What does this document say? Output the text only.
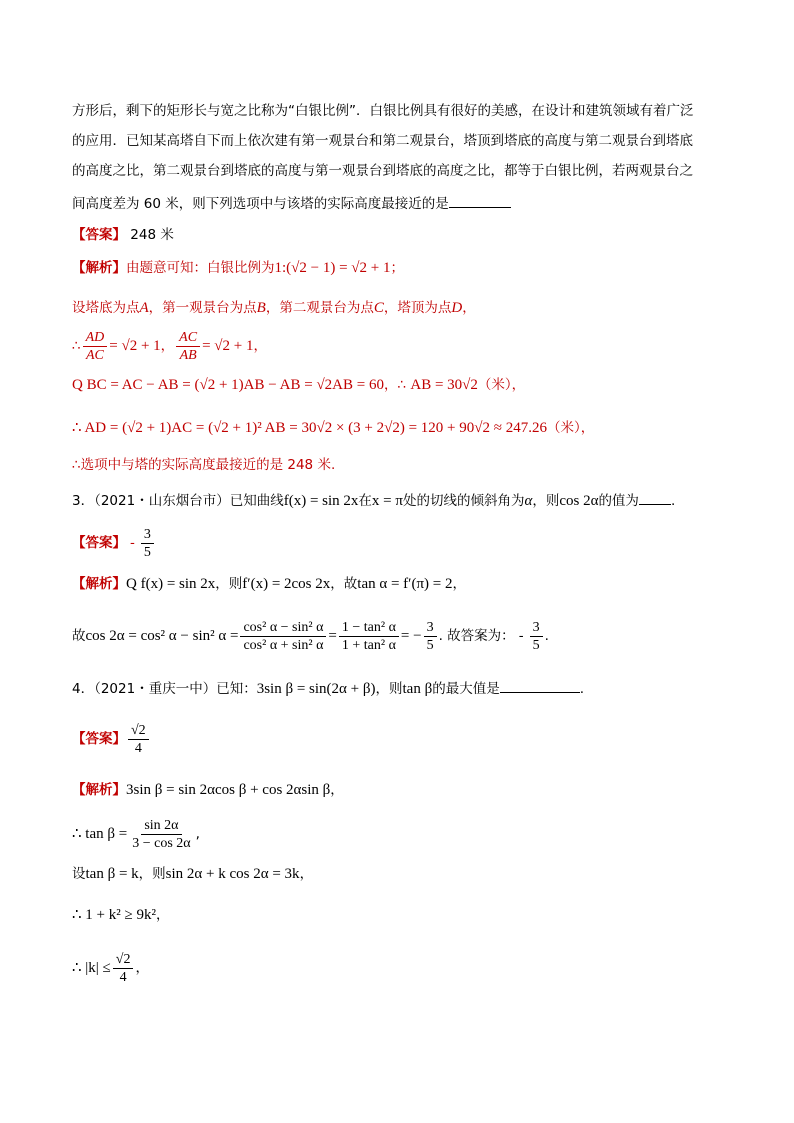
方形后，剩下的矩形长与宽之比称为“白银比例”．白银比例具有很好的美感，在设计和建筑领域有着广泛
的应用．已知某高塔自下而上依次建有第一观景台和第二观景台，塔顶到塔底的高度与第二观景台到塔底
的高度之比，第二观景台到塔底的高度与第一观景台到塔底的高度之比，都等于白银比例，若两观景台之
间高度差为 60 米，则下列选项中与该塔的实际高度最接近的是
【答案】 248 米
【解析】由题意可知：白银比例为1:(√2 − 1) = √2 + 1；
设塔底为点A，第一观景台为点B，第二观景台为点C，塔顶为点D，
∴ $\frac{AD}{AC} = √2 + 1$ ， $\frac{AC}{AB} = √2 + 1$ ，
Q BC = AC − AB = (√2 + 1)AB − AB = √2AB = 60，∴ AB = 30√2（米），
∴ AD = (√2 + 1)AC = (√2 + 1)² AB = 30√2 × (3 + 2√2) = 120 + 90√2 ≈ 247.26（米），
∴选项中与塔的实际高度最接近的是 248 米.
3．（2021・山东烟台市）已知曲线f(x) = sin 2x在x = π处的切线的倾斜角为α，则cos 2α的值为 .
【答案】 - $\frac{3}{5}$
【解析】Q f(x) = sin 2x，则f′(x) = 2cos 2x，故tan α = f′(π) = 2，
故 cos 2α = cos² α − sin² $\alpha = \frac{\text{cos² α − sin² α}}{\text{cos² α + sin² α}} = \frac{\text{1 − tan² α}}{\text{1 + tan² α}}$ = − $\frac{3}{5}$ . 故答案为： - $\frac{3}{5}$ .
4．（2021・重庆一中）已知：3sin β = sin(2α + β)，则tan β的最大值是	.
【答案】 $\frac{√2}{4}$
【解析】3sin β = sin 2αcos β + cos 2αsin β，
∴ $\tan \beta = \frac{\sin 2\alpha}{3 - \cos 2\alpha}$ ,
设tan β = k，则sin 2α + k cos 2α = 3k，
∴ 1 + k² ≥ 9k²，
∴ $|k| \le \frac{√2}{4}$ ，
